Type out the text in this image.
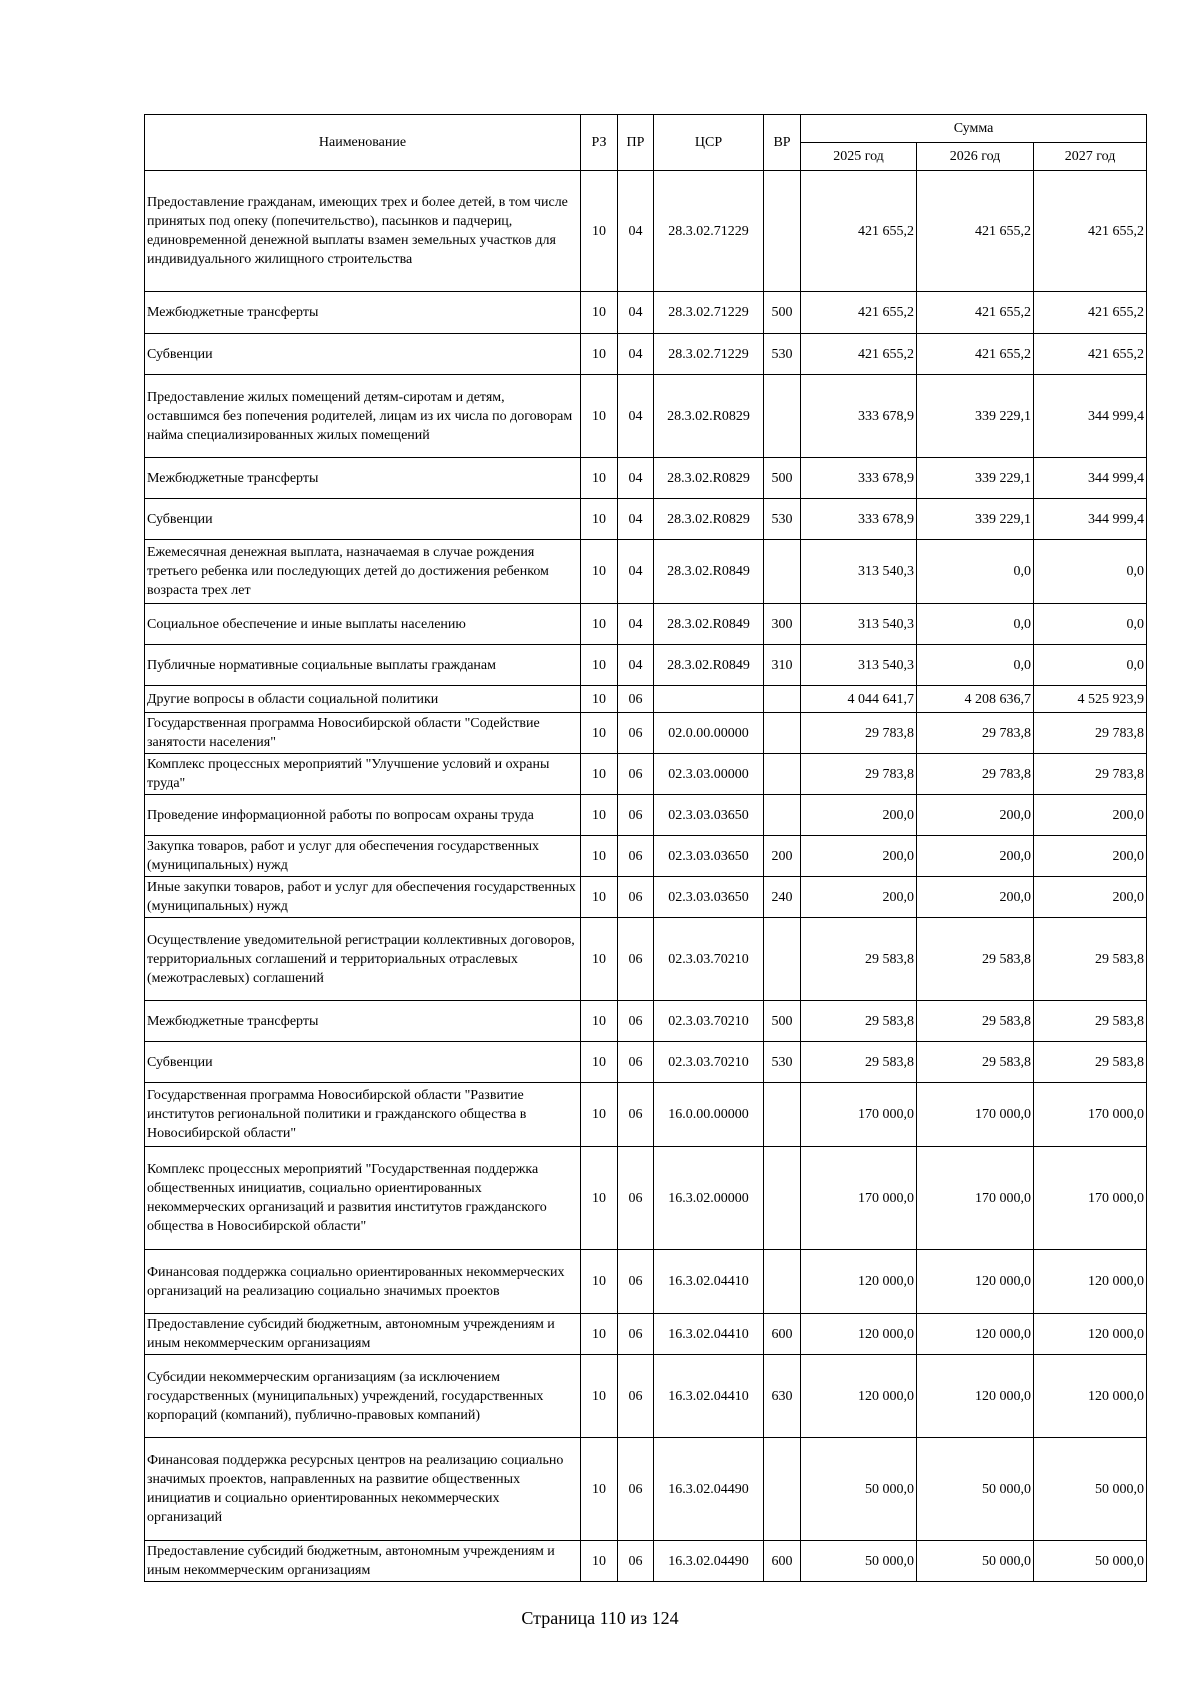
Наименование	РЗ	ПР	ЦСР	ВР	Сумма		
					2025 год	2026 год	2027 год
Предоставление гражданам, имеющих трех и более детей, в том числе принятых под опеку (попечительство), пасынков и падчериц, единовременной денежной выплаты взамен земельных участков для индивидуального жилищного строительства	10	04	28.3.02.71229		421 655,2	421 655,2	421 655,2
Межбюджетные трансферты	10	04	28.3.02.71229	500	421 655,2	421 655,2	421 655,2
Субвенции	10	04	28.3.02.71229	530	421 655,2	421 655,2	421 655,2
Предоставление жилых помещений детям-сиротам и детям, оставшимся без попечения родителей, лицам из их числа по договорам найма специализированных жилых помещений	10	04	28.3.02.R0829		333 678,9	339 229,1	344 999,4
Межбюджетные трансферты	10	04	28.3.02.R0829	500	333 678,9	339 229,1	344 999,4
Субвенции	10	04	28.3.02.R0829	530	333 678,9	339 229,1	344 999,4
Ежемесячная денежная выплата, назначаемая в случае рождения третьего ребенка или последующих детей до достижения ребенком возраста трех лет	10	04	28.3.02.R0849		313 540,3	0,0	0,0
Социальное обеспечение и иные выплаты населению	10	04	28.3.02.R0849	300	313 540,3	0,0	0,0
Публичные нормативные социальные выплаты гражданам	10	04	28.3.02.R0849	310	313 540,3	0,0	0,0
Другие вопросы в области социальной политики	10	06			4 044 641,7	4 208 636,7	4 525 923,9
Государственная программа Новосибирской области "Содействие занятости населения"	10	06	02.0.00.00000		29 783,8	29 783,8	29 783,8
Комплекс процессных мероприятий "Улучшение условий и охраны труда"	10	06	02.3.03.00000		29 783,8	29 783,8	29 783,8
Проведение информационной работы по вопросам охраны труда	10	06	02.3.03.03650		200,0	200,0	200,0
Закупка товаров, работ и услуг для обеспечения государственных (муниципальных) нужд	10	06	02.3.03.03650	200	200,0	200,0	200,0
Иные закупки товаров, работ и услуг для обеспечения государственных (муниципальных) нужд	10	06	02.3.03.03650	240	200,0	200,0	200,0
Осуществление уведомительной регистрации коллективных договоров, территориальных соглашений и территориальных отраслевых (межотраслевых) соглашений	10	06	02.3.03.70210		29 583,8	29 583,8	29 583,8
Межбюджетные трансферты	10	06	02.3.03.70210	500	29 583,8	29 583,8	29 583,8
Субвенции	10	06	02.3.03.70210	530	29 583,8	29 583,8	29 583,8
Государственная программа Новосибирской области "Развитие институтов региональной политики и гражданского общества в Новосибирской области"	10	06	16.0.00.00000		170 000,0	170 000,0	170 000,0
Комплекс процессных мероприятий "Государственная поддержка общественных инициатив, социально ориентированных некоммерческих организаций и развития институтов гражданского общества в Новосибирской области"	10	06	16.3.02.00000		170 000,0	170 000,0	170 000,0
Финансовая поддержка социально ориентированных некоммерческих организаций на реализацию социально значимых проектов	10	06	16.3.02.04410		120 000,0	120 000,0	120 000,0
Предоставление субсидий бюджетным, автономным учреждениям и иным некоммерческим организациям	10	06	16.3.02.04410	600	120 000,0	120 000,0	120 000,0
Субсидии некоммерческим организациям (за исключением государственных (муниципальных) учреждений, государственных корпораций (компаний), публично-правовых компаний)	10	06	16.3.02.04410	630	120 000,0	120 000,0	120 000,0
Финансовая поддержка ресурсных центров на реализацию социально значимых проектов, направленных на развитие общественных инициатив и социально ориентированных некоммерческих организаций	10	06	16.3.02.04490		50 000,0	50 000,0	50 000,0
Предоставление субсидий бюджетным, автономным учреждениям и иным некоммерческим организациям	10	06	16.3.02.04490	600	50 000,0	50 000,0	50 000,0
Страница 110 из 124
